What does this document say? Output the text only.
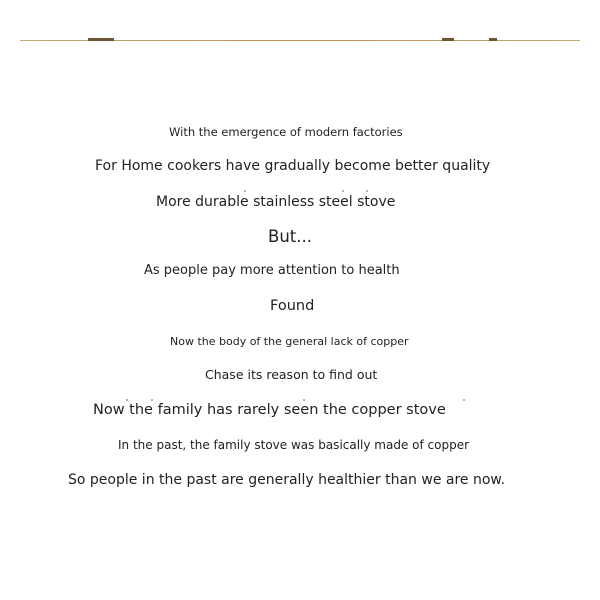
With the emergence of modern factories
For Home cookers have gradually become better quality
More durable stainless steel stove
But...
As people pay more attention to health
Found
Now the body of the general lack of copper
Chase its reason to find out
Now the family has rarely seen the copper stove
In the past, the family stove was basically made of copper
So people in the past are generally healthier than we are now.
